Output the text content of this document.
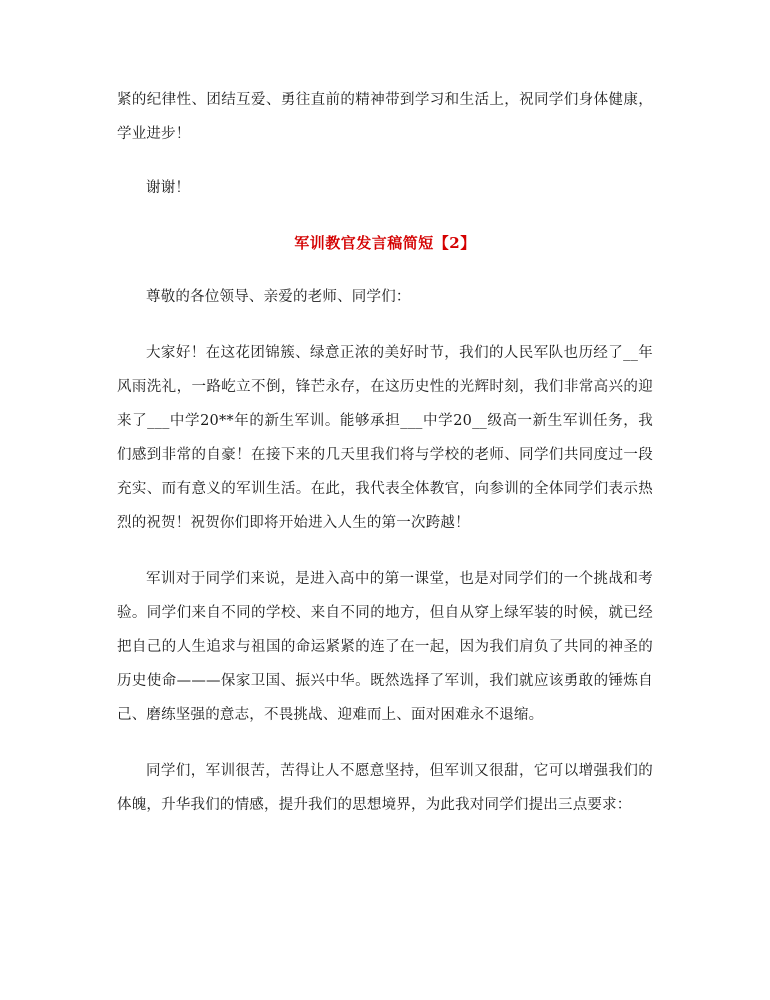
紧的纪律性、团结互爱、勇往直前的精神带到学习和生活上，祝同学们身体健康，学业进步！

谢谢！

军训教官发言稿简短【2】

尊敬的各位领导、亲爱的老师、同学们：

大家好！在这花团锦簇、绿意正浓的美好时节，我们的人民军队也历经了__年风雨洗礼，一路屹立不倒，锋芒永存，在这历史性的光辉时刻，我们非常高兴的迎来了___中学20**年的新生军训。能够承担___中学20__级高一新生军训任务，我们感到非常的自豪！在接下来的几天里我们将与学校的老师、同学们共同度过一段充实、而有意义的军训生活。在此，我代表全体教官，向参训的全体同学们表示热烈的祝贺！祝贺你们即将开始进入人生的第一次跨越！

军训对于同学们来说，是进入高中的第一课堂，也是对同学们的一个挑战和考验。同学们来自不同的学校、来自不同的地方，但自从穿上绿军装的时候，就已经把自己的人生追求与祖国的命运紧紧的连了在一起，因为我们肩负了共同的神圣的历史使命———保家卫国、振兴中华。既然选择了军训，我们就应该勇敢的锤炼自己、磨练坚强的意志，不畏挑战、迎难而上、面对困难永不退缩。

同学们，军训很苦，苦得让人不愿意坚持，但军训又很甜，它可以增强我们的体魄，升华我们的情感，提升我们的思想境界，为此我对同学们提出三点要求：
